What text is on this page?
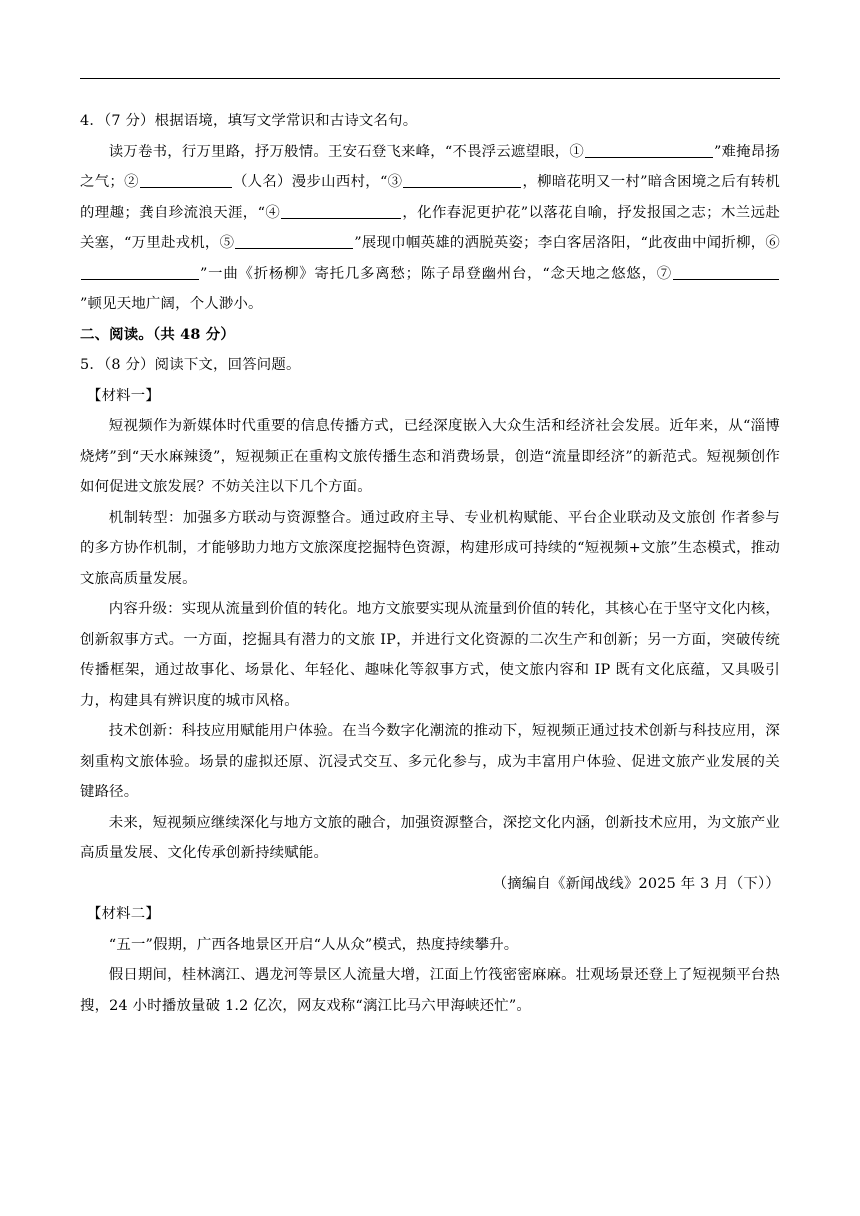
4．（7 分）根据语境，填写文学常识和古诗文名句。

读万卷书，行万里路，抒万般情。王安石登飞来峰，“不畏浮云遮望眼，①	”难掩昂扬之气；②	（人名）漫步山西村，“③	，柳暗花明又一村”暗含困境之后有转机的理趣；龚自珍流浪天涯，“④	，化作春泥更护花”以落花自喻，抒发报国之志；木兰远赴关塞，“万里赴戎机，⑤	”展现巾帼英雄的洒脱英姿；李白客居洛阳，“此夜曲中闻折柳，⑥”一曲《折杨柳》寄托几多离愁；陈子昂登幽州台，“念天地之悠悠，⑦”顿见天地广阔，个人渺小。

二、阅读。（共 48 分）

5．（8 分）阅读下文，回答问题。

【材料一】

短视频作为新媒体时代重要的信息传播方式，已经深度嵌入大众生活和经济社会发展。近年来，从“淄博烧烤”到“天水麻辣烫”，短视频正在重构文旅传播生态和消费场景，创造“流量即经济”的新范式。短视频创作如何促进文旅发展？不妨关注以下几个方面。

机制转型：加强多方联动与资源整合。通过政府主导、专业机构赋能、平台企业联动及文旅创 作者参与的多方协作机制，才能够助力地方文旅深度挖掘特色资源，构建形成可持续的“短视频+文旅”生态模式，推动文旅高质量发展。

内容升级：实现从流量到价值的转化。地方文旅要实现从流量到价值的转化，其核心在于坚守文化内核，创新叙事方式。一方面，挖掘具有潜力的文旅 IP，并进行文化资源的二次生产和创新；另一方面，突破传统传播框架，通过故事化、场景化、年轻化、趣味化等叙事方式，使文旅内容和 IP 既有文化底蕴，又具吸引力，构建具有辨识度的城市风格。

技术创新：科技应用赋能用户体验。在当今数字化潮流的推动下，短视频正通过技术创新与科技应用，深刻重构文旅体验。场景的虚拟还原、沉浸式交互、多元化参与，成为丰富用户体验、促进文旅产业发展的关键路径。

未来，短视频应继续深化与地方文旅的融合，加强资源整合，深挖文化内涵，创新技术应用，为文旅产业高质量发展、文化传承创新持续赋能。

（摘编自《新闻战线》2025 年 3 月（下））

【材料二】

“五一”假期，广西各地景区开启“人从众”模式，热度持续攀升。

假日期间，桂林漓江、遇龙河等景区人流量大增，江面上竹筏密密麻麻。壮观场景还登上了短视频平台热搜，24 小时播放量破 1.2 亿次，网友戏称“漓江比马六甲海峡还忙”。
